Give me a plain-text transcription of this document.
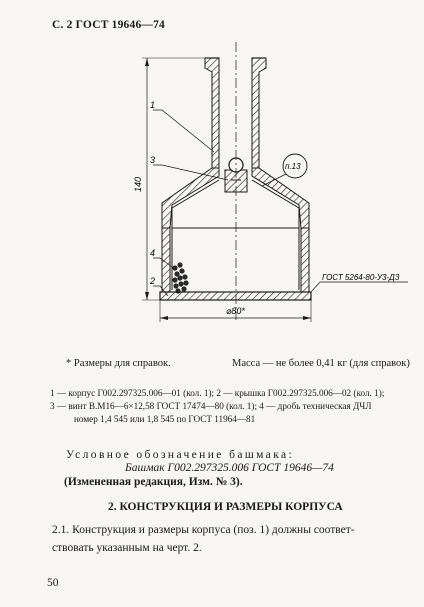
С. 2 ГОСТ 19646—74
140
⌀80*
1
3
4
2
п.13
ГОСТ 5264-80-У3-Д3
* Размеры для справок.	Масса — не более 0,41 кг (для справок)
1 — корпус Г002.297325.006—01 (кол. 1); 2 — крышка Г002.297325.006—02 (кол. 1);
3 — винт В.М16—6×12,58 ГОСТ 17474—80 (кол. 1); 4 — дробь техническая ДЧЛ
номер 1,4 545 или 1,8 545 по ГОСТ 11964—81
Условное обозначение башмака:
Башмак Г002.297325.006 ГОСТ 19646—74
(Измененная редакция, Изм. № 3).
2. КОНСТРУКЦИЯ И РАЗМЕРЫ КОРПУСА
2.1. Конструкция и размеры корпуса (поз. 1) должны соответ-
ствовать указанным на черт. 2.
50
